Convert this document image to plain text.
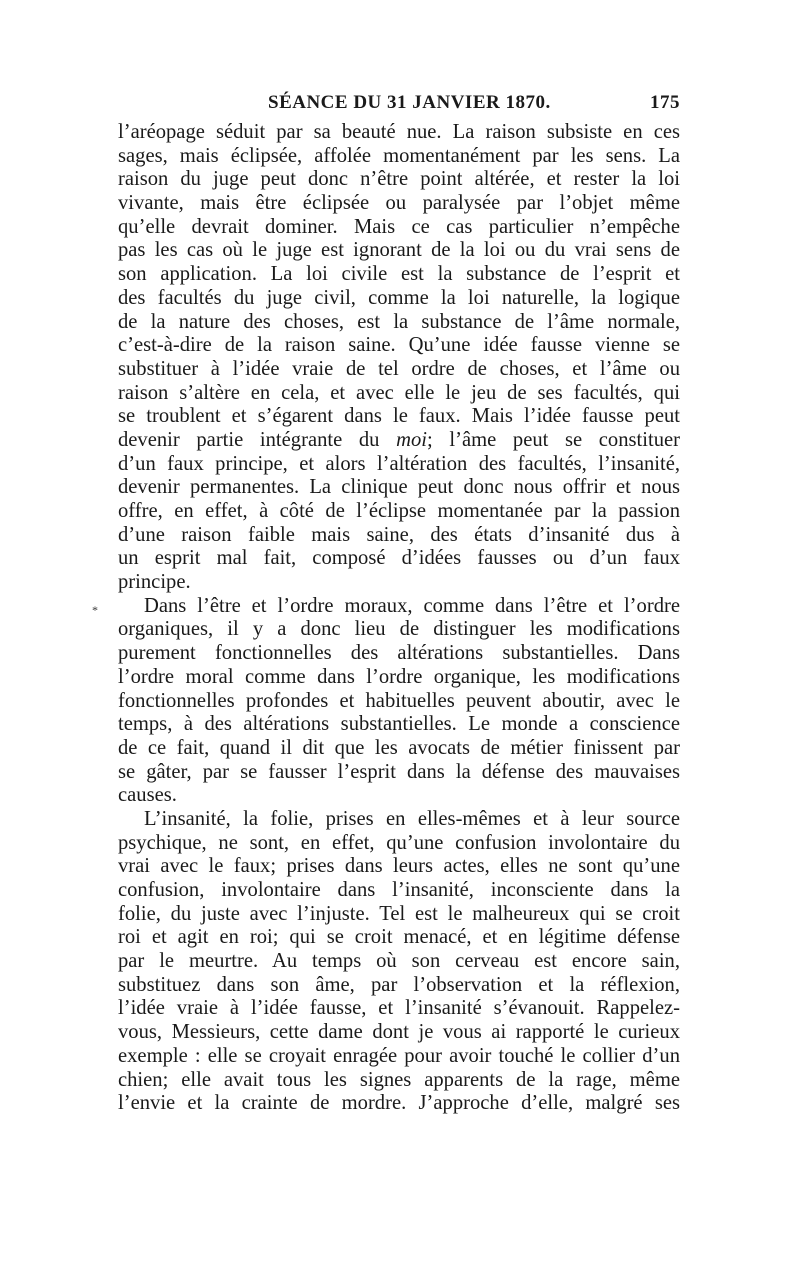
SÉANCE DU 31 JANVIER 1870.	175
*
l’aréopage séduit par sa beauté nue. La raison subsiste en ces
sages, mais éclipsée, affolée momentanément par les sens. La
raison du juge peut donc n’être point altérée, et rester la loi
vivante, mais être éclipsée ou paralysée par l’objet même
qu’elle devrait dominer. Mais ce cas particulier n’empêche
pas les cas où le juge est ignorant de la loi ou du vrai sens de
son application. La loi civile est la substance de l’esprit et
des facultés du juge civil, comme la loi naturelle, la logique
de la nature des choses, est la substance de l’âme normale,
c’est-à-dire de la raison saine. Qu’une idée fausse vienne se
substituer à l’idée vraie de tel ordre de choses, et l’âme ou
raison s’altère en cela, et avec elle le jeu de ses facultés, qui
se troublent et s’égarent dans le faux. Mais l’idée fausse peut
devenir partie intégrante du moi; l’âme peut se constituer
d’un faux principe, et alors l’altération des facultés, l’insanité,
devenir permanentes. La clinique peut donc nous offrir et nous
offre, en effet, à côté de l’éclipse momentanée par la passion
d’une raison faible mais saine, des états d’insanité dus à
un esprit mal fait, composé d’idées fausses ou d’un faux
principe.
Dans l’être et l’ordre moraux, comme dans l’être et l’ordre
organiques, il y a donc lieu de distinguer les modifications
purement fonctionnelles des altérations substantielles. Dans
l’ordre moral comme dans l’ordre organique, les modifications
fonctionnelles profondes et habituelles peuvent aboutir, avec le
temps, à des altérations substantielles. Le monde a conscience
de ce fait, quand il dit que les avocats de métier finissent par
se gâter, par se fausser l’esprit dans la défense des mauvaises
causes.
L’insanité, la folie, prises en elles-mêmes et à leur source
psychique, ne sont, en effet, qu’une confusion involontaire du
vrai avec le faux; prises dans leurs actes, elles ne sont qu’une
confusion, involontaire dans l’insanité, inconsciente dans la
folie, du juste avec l’injuste. Tel est le malheureux qui se croit
roi et agit en roi; qui se croit menacé, et en légitime défense
par le meurtre. Au temps où son cerveau est encore sain,
substituez dans son âme, par l’observation et la réflexion,
l’idée vraie à l’idée fausse, et l’insanité s’évanouit. Rappelez-
vous, Messieurs, cette dame dont je vous ai rapporté le curieux
exemple : elle se croyait enragée pour avoir touché le collier d’un
chien; elle avait tous les signes apparents de la rage, même
l’envie et la crainte de mordre. J’approche d’elle, malgré ses
